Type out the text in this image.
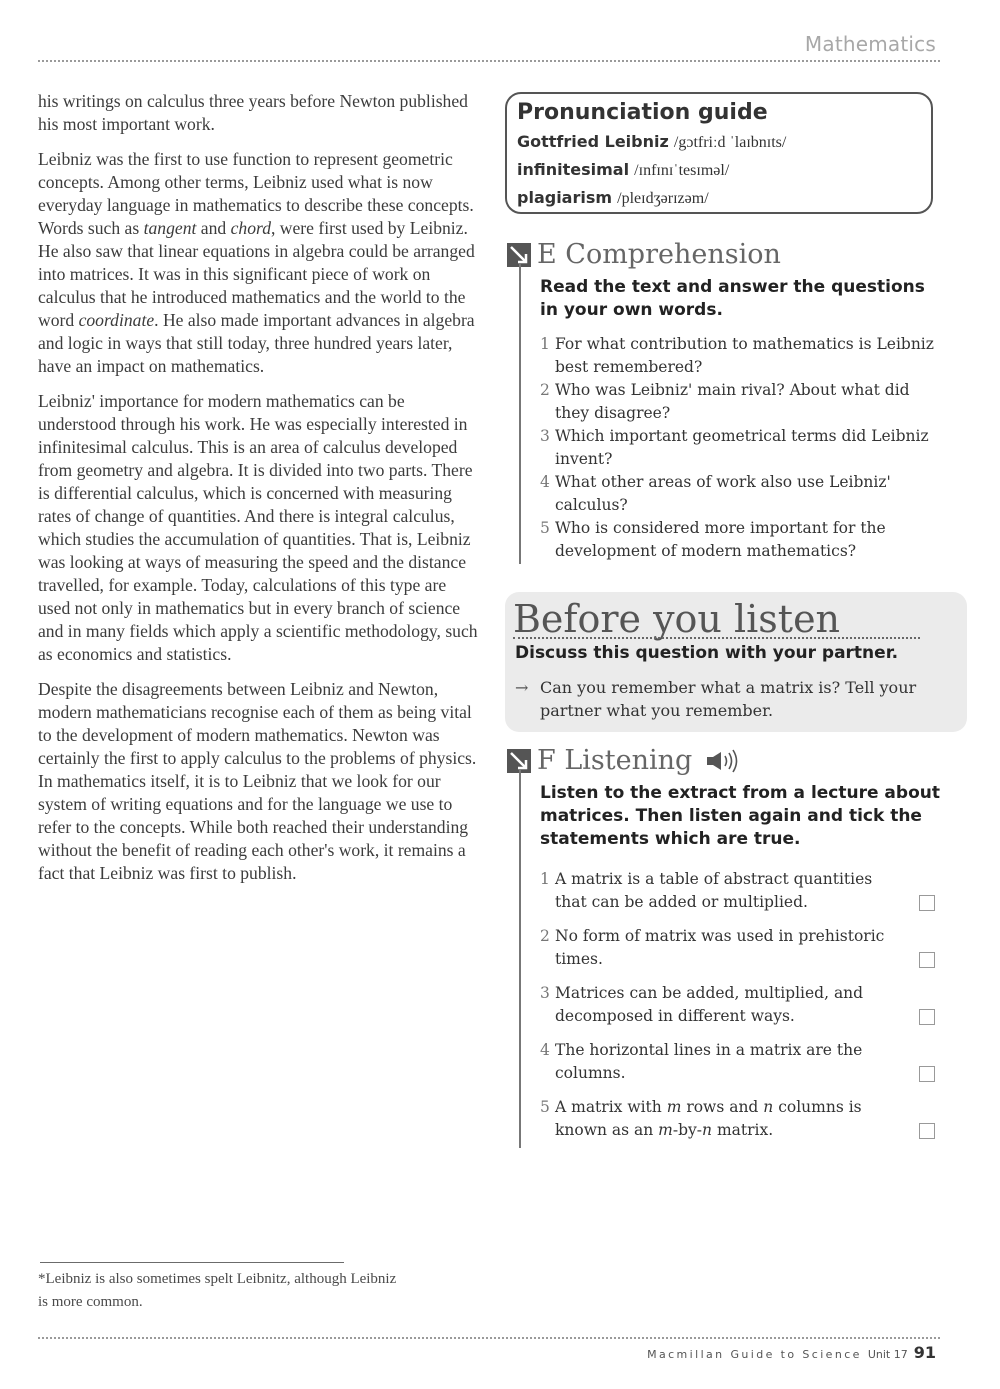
Mathematics

his writings on calculus three years before Newton published his most important work.

Leibniz was the first to use function to represent geometric concepts. Among other terms, Leibniz used what is now everyday language in mathematics to describe these concepts. Words such as tangent and chord, were first used by Leibniz. He also saw that linear equations in algebra could be arranged into matrices. It was in this significant piece of work on calculus that he introduced mathematics and the world to the word coordinate. He also made important advances in algebra and logic in ways that still today, three hundred years later, have an impact on mathematics.

Leibniz' importance for modern mathematics can be understood through his work. He was especially interested in infinitesimal calculus. This is an area of calculus developed from geometry and algebra. It is divided into two parts. There is differential calculus, which is concerned with measuring rates of change of quantities. And there is integral calculus, which studies the accumulation of quantities. That is, Leibniz was looking at ways of measuring the speed and the distance travelled, for example. Today, calculations of this type are used not only in mathematics but in every branch of science and in many fields which apply a scientific methodology, such as economics and statistics.

Despite the disagreements between Leibniz and Newton, modern mathematicians recognise each of them as being vital to the development of modern mathematics. Newton was certainly the first to apply calculus to the problems of physics. In mathematics itself, it is to Leibniz that we look for our system of writing equations and for the language we use to refer to the concepts. While both reached their understanding without the benefit of reading each other's work, it remains a fact that Leibniz was first to publish.

*Leibniz is also sometimes spelt Leibnitz, although Leibniz is more common.
Pronunciation guide
Gottfried Leibniz /gɔtfriːd ˈlaɪbnɪts/
infinitesimal /ɪnfɪnɪˈtesɪməl/
plagiarism /pleɪdʒərɪzəm/
E Comprehension
Read the text and answer the questions in your own words.
1 For what contribution to mathematics is Leibniz best remembered?
2 Who was Leibniz' main rival? About what did they disagree?
3 Which important geometrical terms did Leibniz invent?
4 What other areas of work also use Leibniz' calculus?
5 Who is considered more important for the development of modern mathematics?
Before you listen
Discuss this question with your partner.
→ Can you remember what a matrix is? Tell your partner what you remember.
F Listening
Listen to the extract from a lecture about matrices. Then listen again and tick the statements which are true.
1 A matrix is a table of abstract quantities that can be added or multiplied.
2 No form of matrix was used in prehistoric times.
3 Matrices can be added, multiplied, and decomposed in different ways.
4 The horizontal lines in a matrix are the columns.
5 A matrix with m rows and n columns is known as an m-by-n matrix.
Macmillan Guide to Science Unit 17 91
